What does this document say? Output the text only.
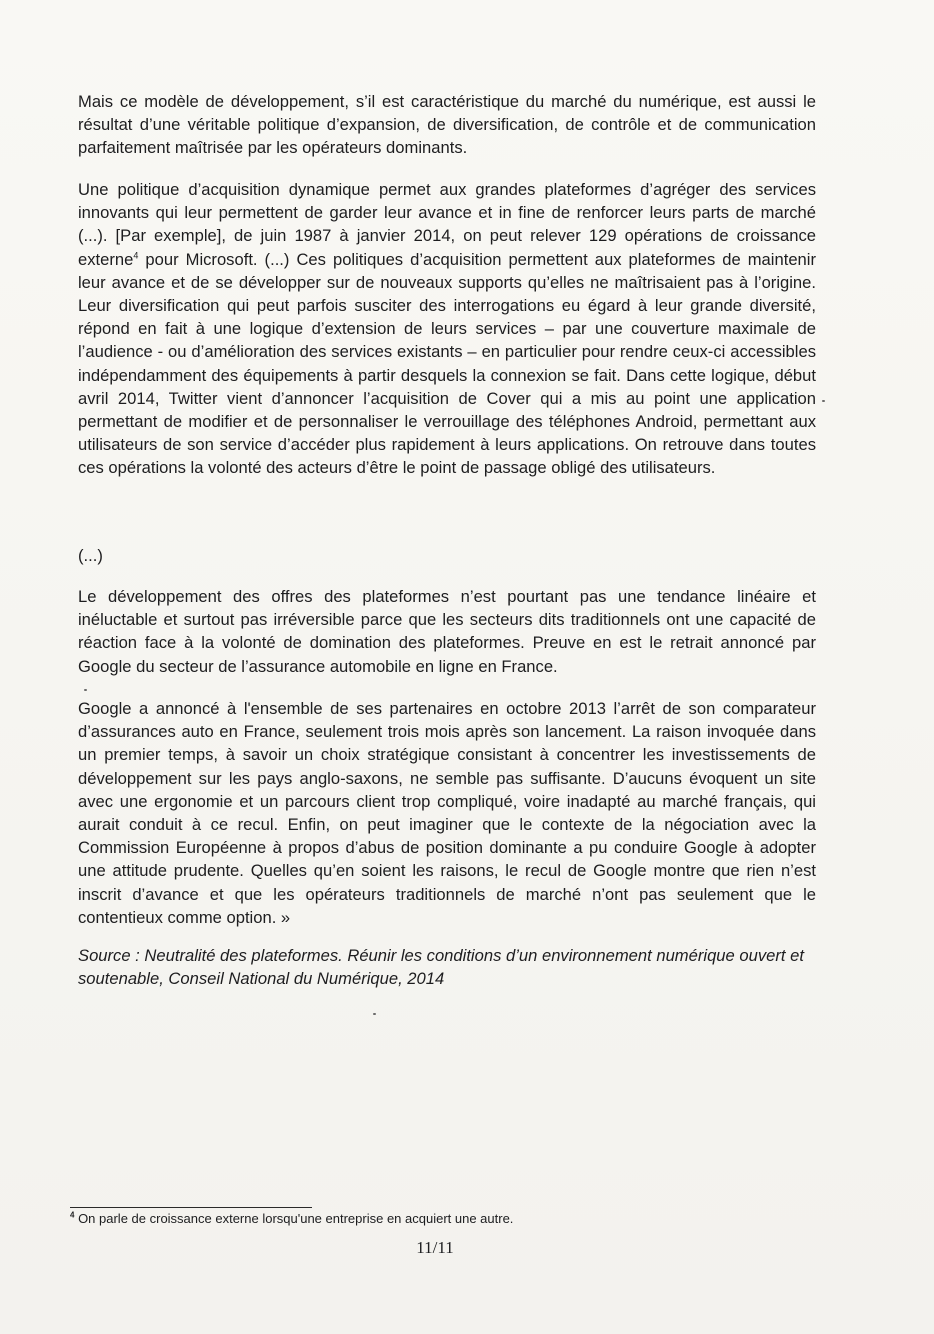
Mais ce modèle de développement, s’il est caractéristique du marché du numérique, est aussi le résultat d’une véritable politique d’expansion, de diversification, de contrôle et de communication parfaitement maîtrisée par les opérateurs dominants.

Une politique d’acquisition dynamique permet aux grandes plateformes d’agréger des services innovants qui leur permettent de garder leur avance et in fine de renforcer leurs parts de marché (...). [Par exemple], de juin 1987 à janvier 2014, on peut relever 129 opérations de croissance externe$^4$ pour Microsoft. (...) Ces politiques d’acquisition permettent aux plateformes de maintenir leur avance et de se développer sur de nouveaux supports qu’elles ne maîtrisaient pas à l’origine. Leur diversification qui peut parfois susciter des interrogations eu égard à leur grande diversité, répond en fait à une logique d’extension de leurs services – par une couverture maximale de l’audience - ou d’amélioration des services existants – en particulier pour rendre ceux-ci accessibles indépendamment des équipements à partir desquels la connexion se fait. Dans cette logique, début avril 2014, Twitter vient d’annoncer l’acquisition de Cover qui a mis au point une application permettant de modifier et de personnaliser le verrouillage des téléphones Android, permettant aux utilisateurs de son service d’accéder plus rapidement à leurs applications. On retrouve dans toutes ces opérations la volonté des acteurs d’être le point de passage obligé des utilisateurs.

(...)

Le développement des offres des plateformes n’est pourtant pas une tendance linéaire et inéluctable et surtout pas irréversible parce que les secteurs dits traditionnels ont une capacité de réaction face à la volonté de domination des plateformes. Preuve en est le retrait annoncé par Google du secteur de l’assurance automobile en ligne en France.

Google a annoncé à l'ensemble de ses partenaires en octobre 2013 l’arrêt de son comparateur d’assurances auto en France, seulement trois mois après son lancement. La raison invoquée dans un premier temps, à savoir un choix stratégique consistant à concentrer les investissements de développement sur les pays anglo-saxons, ne semble pas suffisante. D’aucuns évoquent un site avec une ergonomie et un parcours client trop compliqué, voire inadapté au marché français, qui aurait conduit à ce recul. Enfin, on peut imaginer que le contexte de la négociation avec la Commission Européenne à propos d’abus de position dominante a pu conduire Google à adopter une attitude prudente. Quelles qu’en soient les raisons, le recul de Google montre que rien n’est inscrit d’avance et que les opérateurs traditionnels de marché n’ont pas seulement que le contentieux comme option. »

Source : Neutralité des plateformes. Réunir les conditions d’un environnement numérique ouvert et soutenable, Conseil National du Numérique, 2014

$^4$ On parle de croissance externe lorsqu'une entreprise en acquiert une autre.

11/11
